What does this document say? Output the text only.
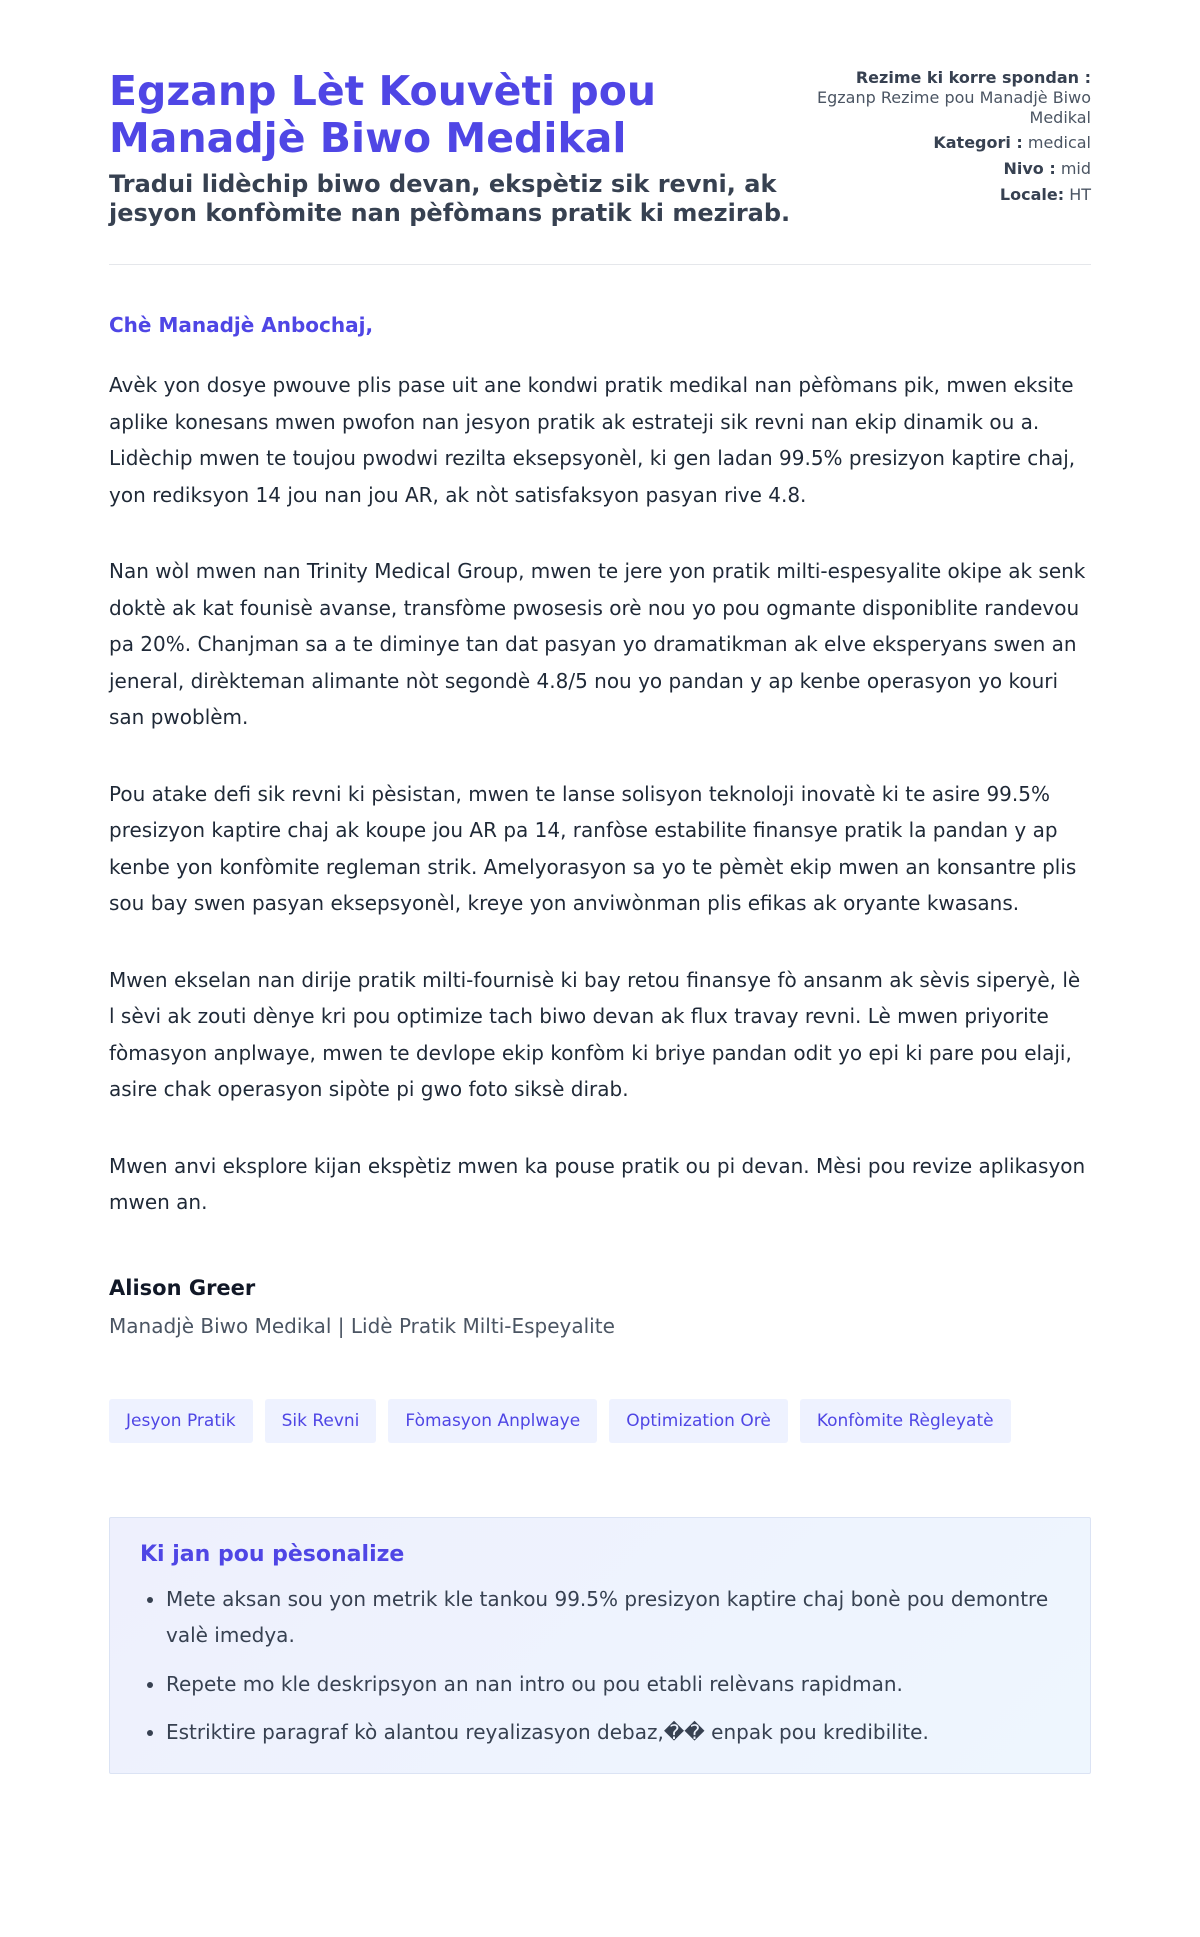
Egzanp Lèt Kouvèti pou Manadjè Biwo Medikal
Tradui lidèchip biwo devan, ekspètiz sik revni, ak jesyon konfòmite nan pèfòmans pratik ki mezirab.
Rezime ki korre spondan :
Egzanp Rezime pou Manadjè Biwo Medikal
Kategori : medical
Nivo : mid
Locale: HT
Chè Manadjè Anbochaj,

Avèk yon dosye pwouve plis pase uit ane kondwi pratik medikal nan pèfòmans pik, mwen eksite aplike konesans mwen pwofon nan jesyon pratik ak estrateji sik revni nan ekip dinamik ou a. Lidèchip mwen te toujou pwodwi rezilta eksepsyonèl, ki gen ladan 99.5% presizyon kaptire chaj, yon rediksyon 14 jou nan jou AR, ak nòt satisfaksyon pasyan rive 4.8.

Nan wòl mwen nan Trinity Medical Group, mwen te jere yon pratik milti-espesyalite okipe ak senk doktè ak kat founisè avanse, transfòme pwosesis orè nou yo pou ogmante disponiblite randevou pa 20%. Chanjman sa a te diminye tan dat pasyan yo dramatikman ak elve eksperyans swen an jeneral, dirèkteman alimante nòt segondè 4.8/5 nou yo pandan y ap kenbe operasyon yo kouri san pwoblèm.

Pou atake defi sik revni ki pèsistan, mwen te lanse solisyon teknoloji inovatè ki te asire 99.5% presizyon kaptire chaj ak koupe jou AR pa 14, ranfòse estabilite finansye pratik la pandan y ap kenbe yon konfòmite regleman strik. Amelyorasyon sa yo te pèmèt ekip mwen an konsantre plis sou bay swen pasyan eksepsyonèl, kreye yon anviwònman plis efikas ak oryante kwasans.

Mwen ekselan nan dirije pratik milti-fournisè ki bay retou finansye fò ansanm ak sèvis siperyè, lè l sèvi ak zouti dènye kri pou optimize tach biwo devan ak flux travay revni. Lè mwen priyorite fòmasyon anplwaye, mwen te devlope ekip konfòm ki briye pandan odit yo epi ki pare pou elaji, asire chak operasyon sipòte pi gwo foto siksè dirab.

Mwen anvi eksplore kijan ekspètiz mwen ka pouse pratik ou pi devan. Mèsi pou revize aplikasyon mwen an.

Alison Greer
Manadjè Biwo Medikal | Lidè Pratik Milti-Espeyalite
Jesyon Pratik	Sik Revni	Fòmasyon Anplwaye	Optimization Orè	Konfòmite Règleyatè
Ki jan pou pèsonalize
• Mete aksan sou yon metrik kle tankou 99.5% presizyon kaptire chaj bonè pou demontre valè imedya.
• Repete mo kle deskripsyon an nan intro ou pou etabli relèvans rapidman.
• Estriktire paragraf kò alantou reyalizasyon debaz,�� enpak pou kredibilite.
